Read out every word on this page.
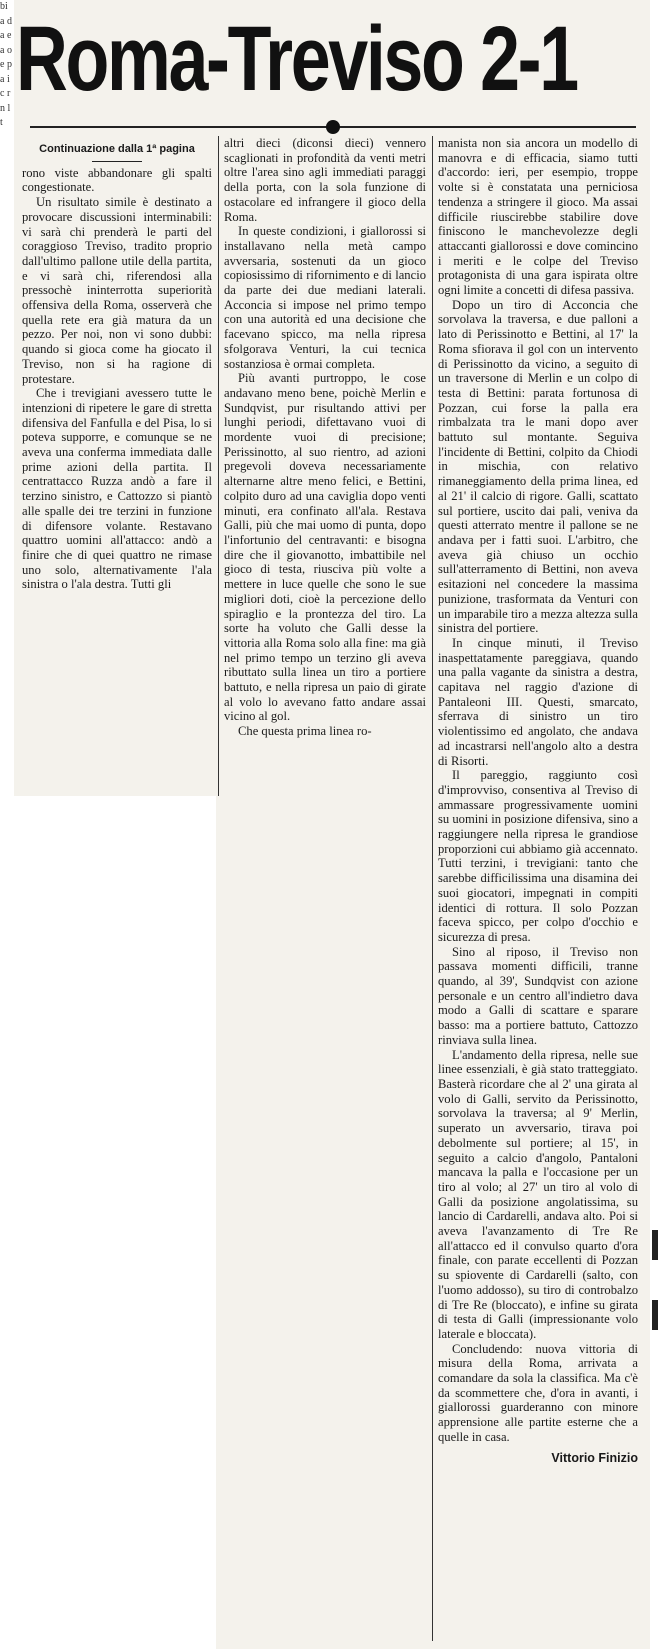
bi a d a e a o e p a i c r n l t
Roma-Treviso 2-1
Continuazione dalla 1ª pagina

rono viste abbandonare gli spalti congestionate.

Un risultato simile è destinato a provocare discussioni interminabili: vi sarà chi prenderà le parti del coraggioso Treviso, tradito proprio dall'ultimo pallone utile della partita, e vi sarà chi, riferendosi alla pressochè ininterrotta superiorità offensiva della Roma, osserverà che quella rete era già matura da un pezzo. Per noi, non vi sono dubbi: quando si gioca come ha giocato il Treviso, non si ha ragione di protestare.

Che i trevigiani avessero tutte le intenzioni di ripetere le gare di stretta difensiva del Fanfulla e del Pisa, lo si poteva supporre, e comunque se ne aveva una conferma immediata dalle prime azioni della partita. Il centrattacco Ruzza andò a fare il terzino sinistro, e Cattozzo si piantò alle spalle dei tre terzini in funzione di difensore volante. Restavano quattro uomini all'attacco: andò a finire che di quei quattro ne rimase uno solo, alternativamente l'ala sinistra o l'ala destra. Tutti gli

altri dieci (diconsi dieci) vennero scaglionati in profondità da venti metri oltre l'area sino agli immediati paraggi della porta, con la sola funzione di ostacolare ed infrangere il gioco della Roma.

In queste condizioni, i giallorossi si installavano nella metà campo avversaria, sostenuti da un gioco copiosissimo di rifornimento e di lancio da parte dei due mediani laterali. Acconcia si impose nel primo tempo con una autorità ed una decisione che facevano spicco, ma nella ripresa sfolgorava Venturi, la cui tecnica sostanziosa è ormai completa.

Più avanti purtroppo, le cose andavano meno bene, poichè Merlin e Sundqvist, pur risultando attivi per lunghi periodi, difettavano vuoi di mordente vuoi di precisione; Perissinotto, al suo rientro, ad azioni pregevoli doveva necessariamente alternarne altre meno felici, e Bettini, colpito duro ad una caviglia dopo venti minuti, era confinato all'ala. Restava Galli, più che mai uomo di punta, dopo l'infortunio del centravanti: e bisogna dire che il giovanotto, imbattibile nel gioco di testa, riusciva più volte a mettere in luce quelle che sono le sue migliori doti, cioè la percezione dello spiraglio e la prontezza del tiro. La sorte ha voluto che Galli desse la vittoria alla Roma solo alla fine: ma già nel primo tempo un terzino gli aveva ributtato sulla linea un tiro a portiere battuto, e nella ripresa un paio di girate al volo lo avevano fatto andare assai vicino al gol.

Che questa prima linea ro-

manista non sia ancora un modello di manovra e di efficacia, siamo tutti d'accordo: ieri, per esempio, troppe volte si è constatata una perniciosa tendenza a stringere il gioco. Ma assai difficile riuscirebbe stabilire dove finiscono le manchevolezze degli attaccanti giallorossi e dove comincino i meriti e le colpe del Treviso protagonista di una gara ispirata oltre ogni limite a concetti di difesa passiva.

Dopo un tiro di Acconcia che sorvolava la traversa, e due palloni a lato di Perissinotto e Bettini, al 17' la Roma sfiorava il gol con un intervento di Perissinotto da vicino, a seguito di un traversone di Merlin e un colpo di testa di Bettini: parata fortunosa di Pozzan, cui forse la palla era rimbalzata tra le mani dopo aver battuto sul montante. Seguiva l'incidente di Bettini, colpito da Chiodi in mischia, con relativo rimaneggiamento della prima linea, ed al 21' il calcio di rigore. Galli, scattato sul portiere, uscito dai pali, veniva da questi atterrato mentre il pallone se ne andava per i fatti suoi. L'arbitro, che aveva già chiuso un occhio sull'atterramento di Bettini, non aveva esitazioni nel concedere la massima punizione, trasformata da Venturi con un imparabile tiro a mezza altezza sulla sinistra del portiere.

In cinque minuti, il Treviso inaspettatamente pareggiava, quando una palla vagante da sinistra a destra, capitava nel raggio d'azione di Pantaleoni III. Questi, smarcato, sferrava di sinistro un tiro violentissimo ed angolato, che andava ad incastrarsi nell'angolo alto a destra di Risorti.

Il pareggio, raggiunto così d'improvviso, consentiva al Treviso di ammassare progressivamente uomini su uomini in posizione difensiva, sino a raggiungere nella ripresa le grandiose proporzioni cui abbiamo già accennato. Tutti terzini, i trevigiani: tanto che sarebbe difficilissima una disamina dei suoi giocatori, impegnati in compiti identici di rottura. Il solo Pozzan faceva spicco, per colpo d'occhio e sicurezza di presa.

Sino al riposo, il Treviso non passava momenti difficili, tranne quando, al 39', Sundqvist con azione personale e un centro all'indietro dava modo a Galli di scattare e sparare basso: ma a portiere battuto, Cattozzo rinviava sulla linea.

L'andamento della ripresa, nelle sue linee essenziali, è già stato tratteggiato. Basterà ricordare che al 2' una girata al volo di Galli, servito da Perissinotto, sorvolava la traversa; al 9' Merlin, superato un avversario, tirava poi debolmente sul portiere; al 15', in seguito a calcio d'angolo, Pantaloni mancava la palla e l'occasione per un tiro al volo; al 27' un tiro al volo di Galli da posizione angolatissima, su lancio di Cardarelli, andava alto. Poi si aveva l'avanzamento di Tre Re all'attacco ed il convulso quarto d'ora finale, con parate eccellenti di Pozzan su spiovente di Cardarelli (salto, con l'uomo addosso), su tiro di controbalzo di Tre Re (bloccato), e infine su girata di testa di Galli (impressionante volo laterale e bloccata).

Concludendo: nuova vittoria di misura della Roma, arrivata a comandare da sola la classifica. Ma c'è da scommettere che, d'ora in avanti, i giallorossi guarderanno con minore apprensione alle partite esterne che a quelle in casa.

Vittorio Finizio
